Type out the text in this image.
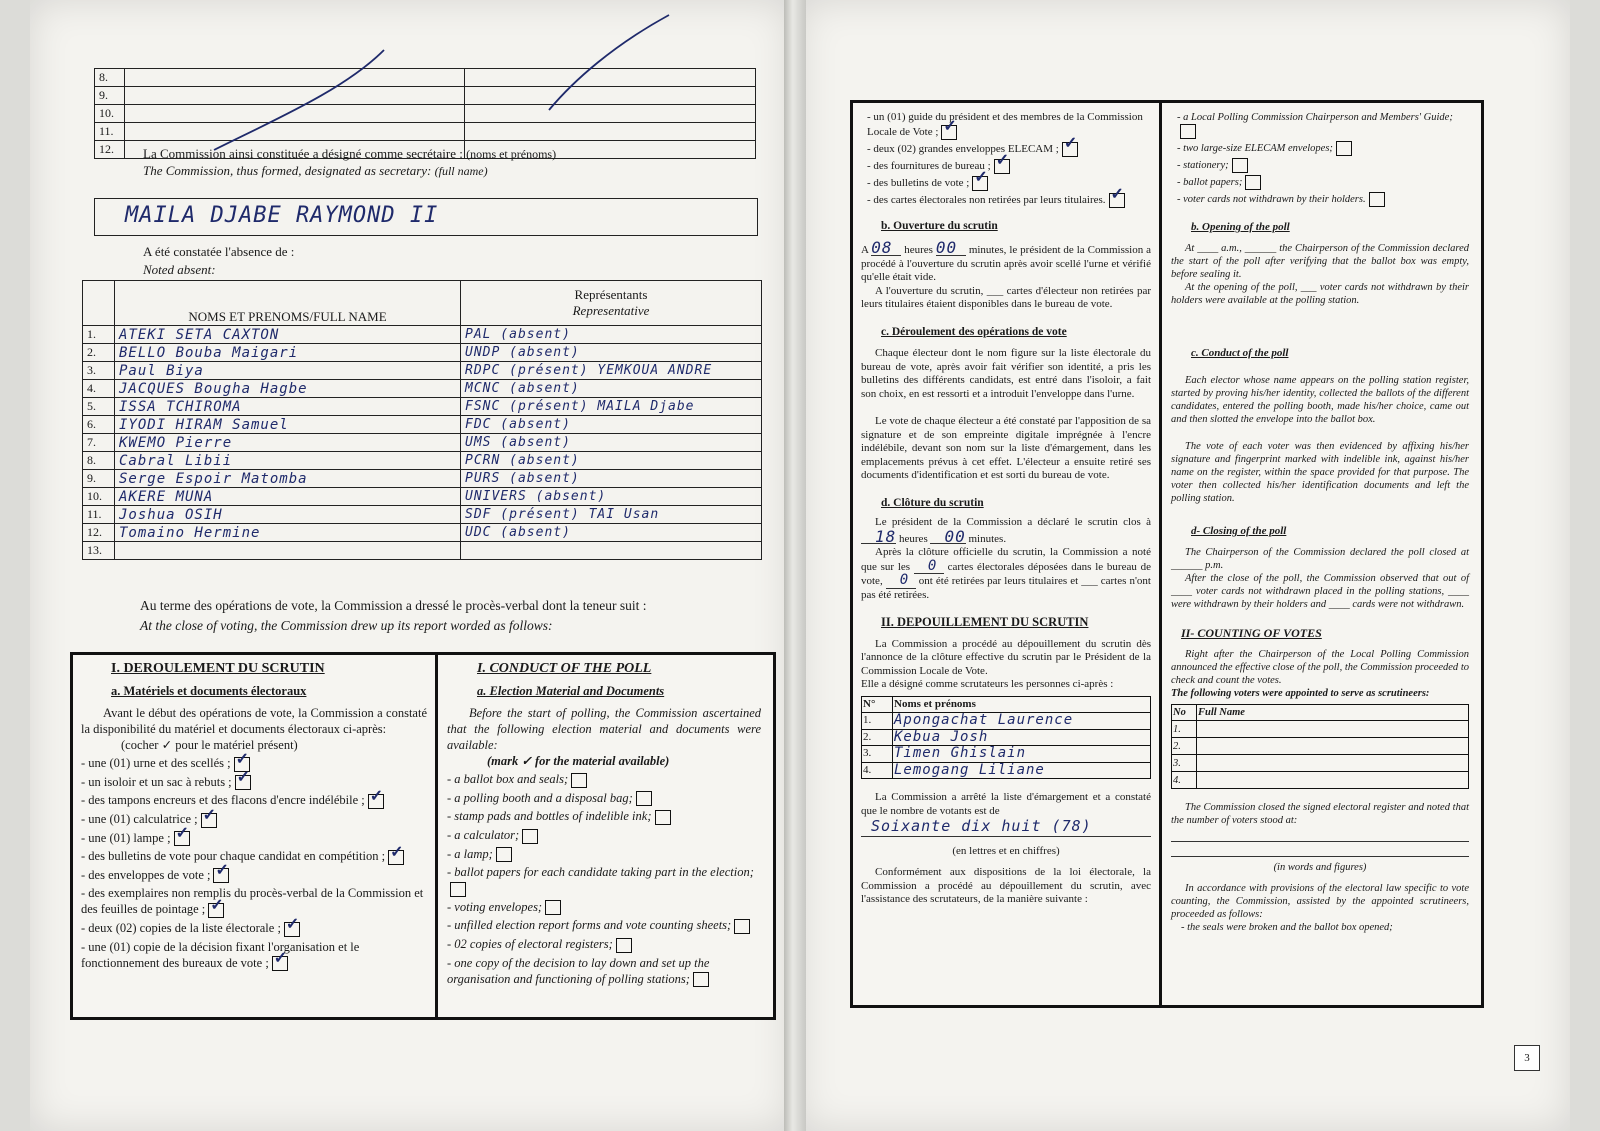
8.		
9.		
10.		
11.		
12.		La Commission ainsi constituée a désigné comme secrétaire : (noms et prénoms)
The Commission, thus formed, designated as secretary: (full name)
MAILA DJABE RAYMOND II
A été constatée l'absence de :
Noted absent:
	NOMS ET PRENOMS/FULL NAME	Représentants
Representative

1.	ATEKI SETA CAXTON	PAL (absent)
2.	BELLO Bouba Maigari	UNDP (absent)
3.	Paul Biya	RDPC (présent) YEMKOUA ANDRE
4.	JACQUES Bougha Hagbe	MCNC (absent)
5.	ISSA TCHIROMA	FSNC (présent) MAILA Djabe
6.	IYODI HIRAM Samuel	FDC (absent)
7.	KWEMO Pierre	UMS (absent)
8.	Cabral Libii	PCRN (absent)
9.	Serge Espoir Matomba	PURS (absent)
10.	AKERE MUNA	UNIVERS (absent)
11.	Joshua OSIH	SDF (présent) TAI Usan
12.	Tomaino Hermine	UDC (absent)
13.		
Au terme des opérations de vote, la Commission a dressé le procès-verbal dont la teneur suit :
At the close of voting, the Commission drew up its report worded as follows:
I. DEROULEMENT DU SCRUTIN
a. Matériels et documents électoraux
Avant le début des opérations de vote, la Commission a constaté la disponibilité du matériel et documents électoraux ci-après:
(cocher ✓ pour le matériel présent)
- une (01) urne et des scellés ;✓
- un isoloir et un sac à rebuts ;✓
- des tampons encreurs et des flacons d'encre indélébile ;✓
- une (01) calculatrice ;✓
- une (01) lampe ;✓
- des bulletins de vote pour chaque candidat en compétition ;✓
- des enveloppes de vote ;✓
- des exemplaires non remplis du procès-verbal de la Commission et des feuilles de pointage ;✓
- deux (02) copies de la liste électorale ;✓
- une (01) copie de la décision fixant l'organisation et le fonctionnement des bureaux de vote ;✓
I. CONDUCT OF THE POLL
a. Election Material and Documents
Before the start of polling, the Commission ascertained that the following election material and documents were available:
(mark ✓ for the material available)
- a ballot box and seals;
- a polling booth and a disposal bag;
- stamp pads and bottles of indelible ink;
- a calculator;
- a lamp;
- ballot papers for each candidate taking part in the election;
- voting envelopes;
- unfilled election report forms and vote counting sheets;
- 02 copies of electoral registers;
- one copy of the decision to lay down and set up the organisation and functioning of polling stations;
- un (01) guide du président et des membres de la Commission Locale de Vote ;✓
- deux (02) grandes enveloppes ELECAM ;✓
- des fournitures de bureau ;✓
- des bulletins de vote ;✓
- des cartes électorales non retirées par leurs titulaires.✓
b. Ouverture du scrutin
A 08 heures 00 minutes, le président de la Commission a procédé à l'ouverture du scrutin après avoir scellé l'urne et vérifié qu'elle était vide.
A l'ouverture du scrutin, ___ cartes d'électeur non retirées par leurs titulaires étaient disponibles dans le bureau de vote.
c. Déroulement des opérations de vote
Chaque électeur dont le nom figure sur la liste électorale du bureau de vote, après avoir fait vérifier son identité, a pris les bulletins des différents candidats, est entré dans l'isoloir, a fait son choix, en est ressorti et a introduit l'enveloppe dans l'urne.
Le vote de chaque électeur a été constaté par l'apposition de sa signature et de son empreinte digitale imprégnée à l'encre indélébile, devant son nom sur la liste d'émargement, dans les emplacements prévus à cet effet. L'électeur a ensuite retiré ses documents d'identification et est sorti du bureau de vote.
d. Clôture du scrutin
Le président de la Commission a déclaré le scrutin clos à 18 heures 00 minutes.
Après la clôture officielle du scrutin, la Commission a noté que sur les 0 cartes électorales déposées dans le bureau de vote, 0 ont été retirées par leurs titulaires et ___ cartes n'ont pas été retirées.
II. DEPOUILLEMENT DU SCRUTIN
La Commission a procédé au dépouillement du scrutin dès l'annonce de la clôture effective du scrutin par le Président de la Commission Locale de Vote.
Elle a désigné comme scrutateurs les personnes ci-après :
N°	Noms et prénoms
1.	Apongachat Laurence
2.	Kebua Josh
3.	Timen Ghislain
4.	Lemogang Liliane
La Commission a arrêté la liste d'émargement et a constaté que le nombre de votants est de
Soixante dix huit (78)
(en lettres et en chiffres)
Conformément aux dispositions de la loi électorale, la Commission a procédé au dépouillement du scrutin, avec l'assistance des scrutateurs, de la manière suivante :
- a Local Polling Commission Chairperson and Members' Guide;
- two large-size ELECAM envelopes;
- stationery;
- ballot papers;
- voter cards not withdrawn by their holders.
b. Opening of the poll
At ____ a.m., ______ the Chairperson of the Commission declared the start of the poll after verifying that the ballot box was empty, before sealing it.
At the opening of the poll, ___ voter cards not withdrawn by their holders were available at the polling station.
c. Conduct of the poll
Each elector whose name appears on the polling station register, started by proving his/her identity, collected the ballots of the different candidates, entered the polling booth, made his/her choice, came out and then slotted the envelope into the ballot box.
The vote of each voter was then evidenced by affixing his/her signature and fingerprint marked with indelible ink, against his/her name on the register, within the space provided for that purpose. The voter then collected his/her identification documents and left the polling station.
d- Closing of the poll
The Chairperson of the Commission declared the poll closed at ______ p.m.
After the close of the poll, the Commission observed that out of ____ voter cards not withdrawn placed in the polling stations, ____ were withdrawn by their holders and ____ cards were not withdrawn.
II- COUNTING OF VOTES
Right after the Chairperson of the Local Polling Commission announced the effective close of the poll, the Commission proceeded to check and count the votes.
The following voters were appointed to serve as scrutineers:
No	Full Name
1.	
2.	
3.	
4.	
The Commission closed the signed electoral register and noted that the number of voters stood at:
(in words and figures)
In accordance with provisions of the electoral law specific to vote counting, the Commission, assisted by the appointed scrutineers, proceeded as follows:
- the seals were broken and the ballot box opened;
3
